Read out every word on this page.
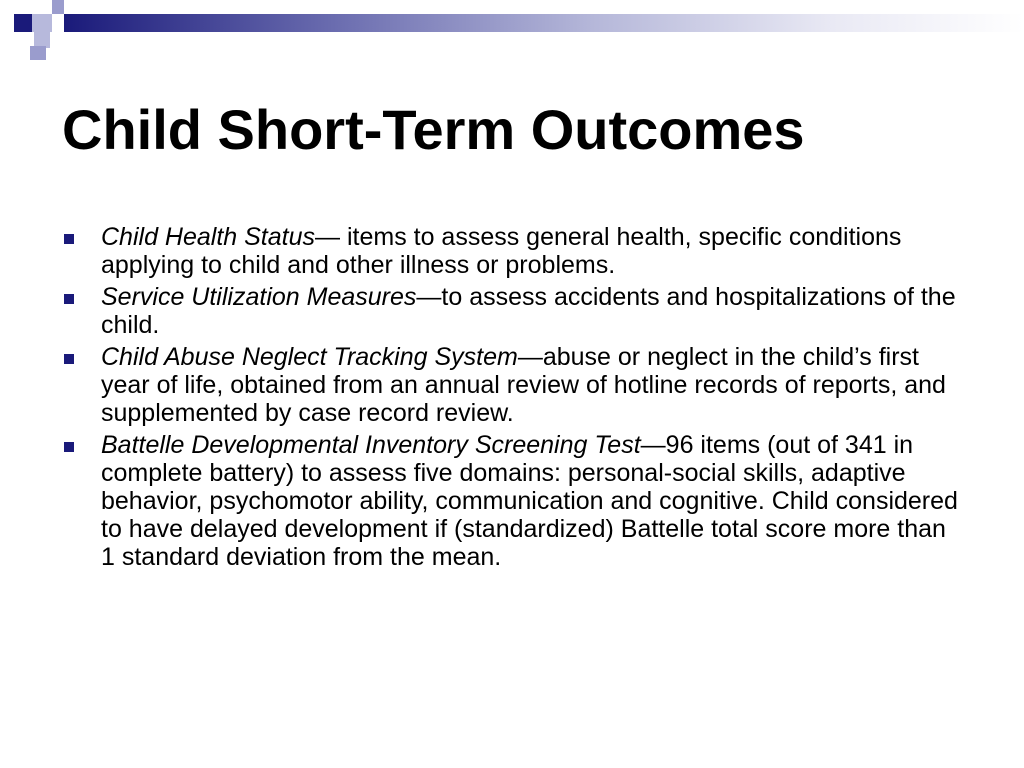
Child Short-Term Outcomes
Child Health Status— items to assess general health, specific conditions applying to child and other illness or problems.
Service Utilization Measures—to assess accidents and hospitalizations of the child.
Child Abuse Neglect Tracking System—abuse or neglect in the child’s first year of life, obtained from an annual review of hotline records of reports, and supplemented by case record review.
Battelle Developmental Inventory Screening Test—96 items (out of 341 in complete battery) to assess five domains: personal-social skills, adaptive behavior, psychomotor ability, communication and cognitive. Child considered to have delayed development if (standardized) Battelle total score more than 1 standard deviation from the mean.
